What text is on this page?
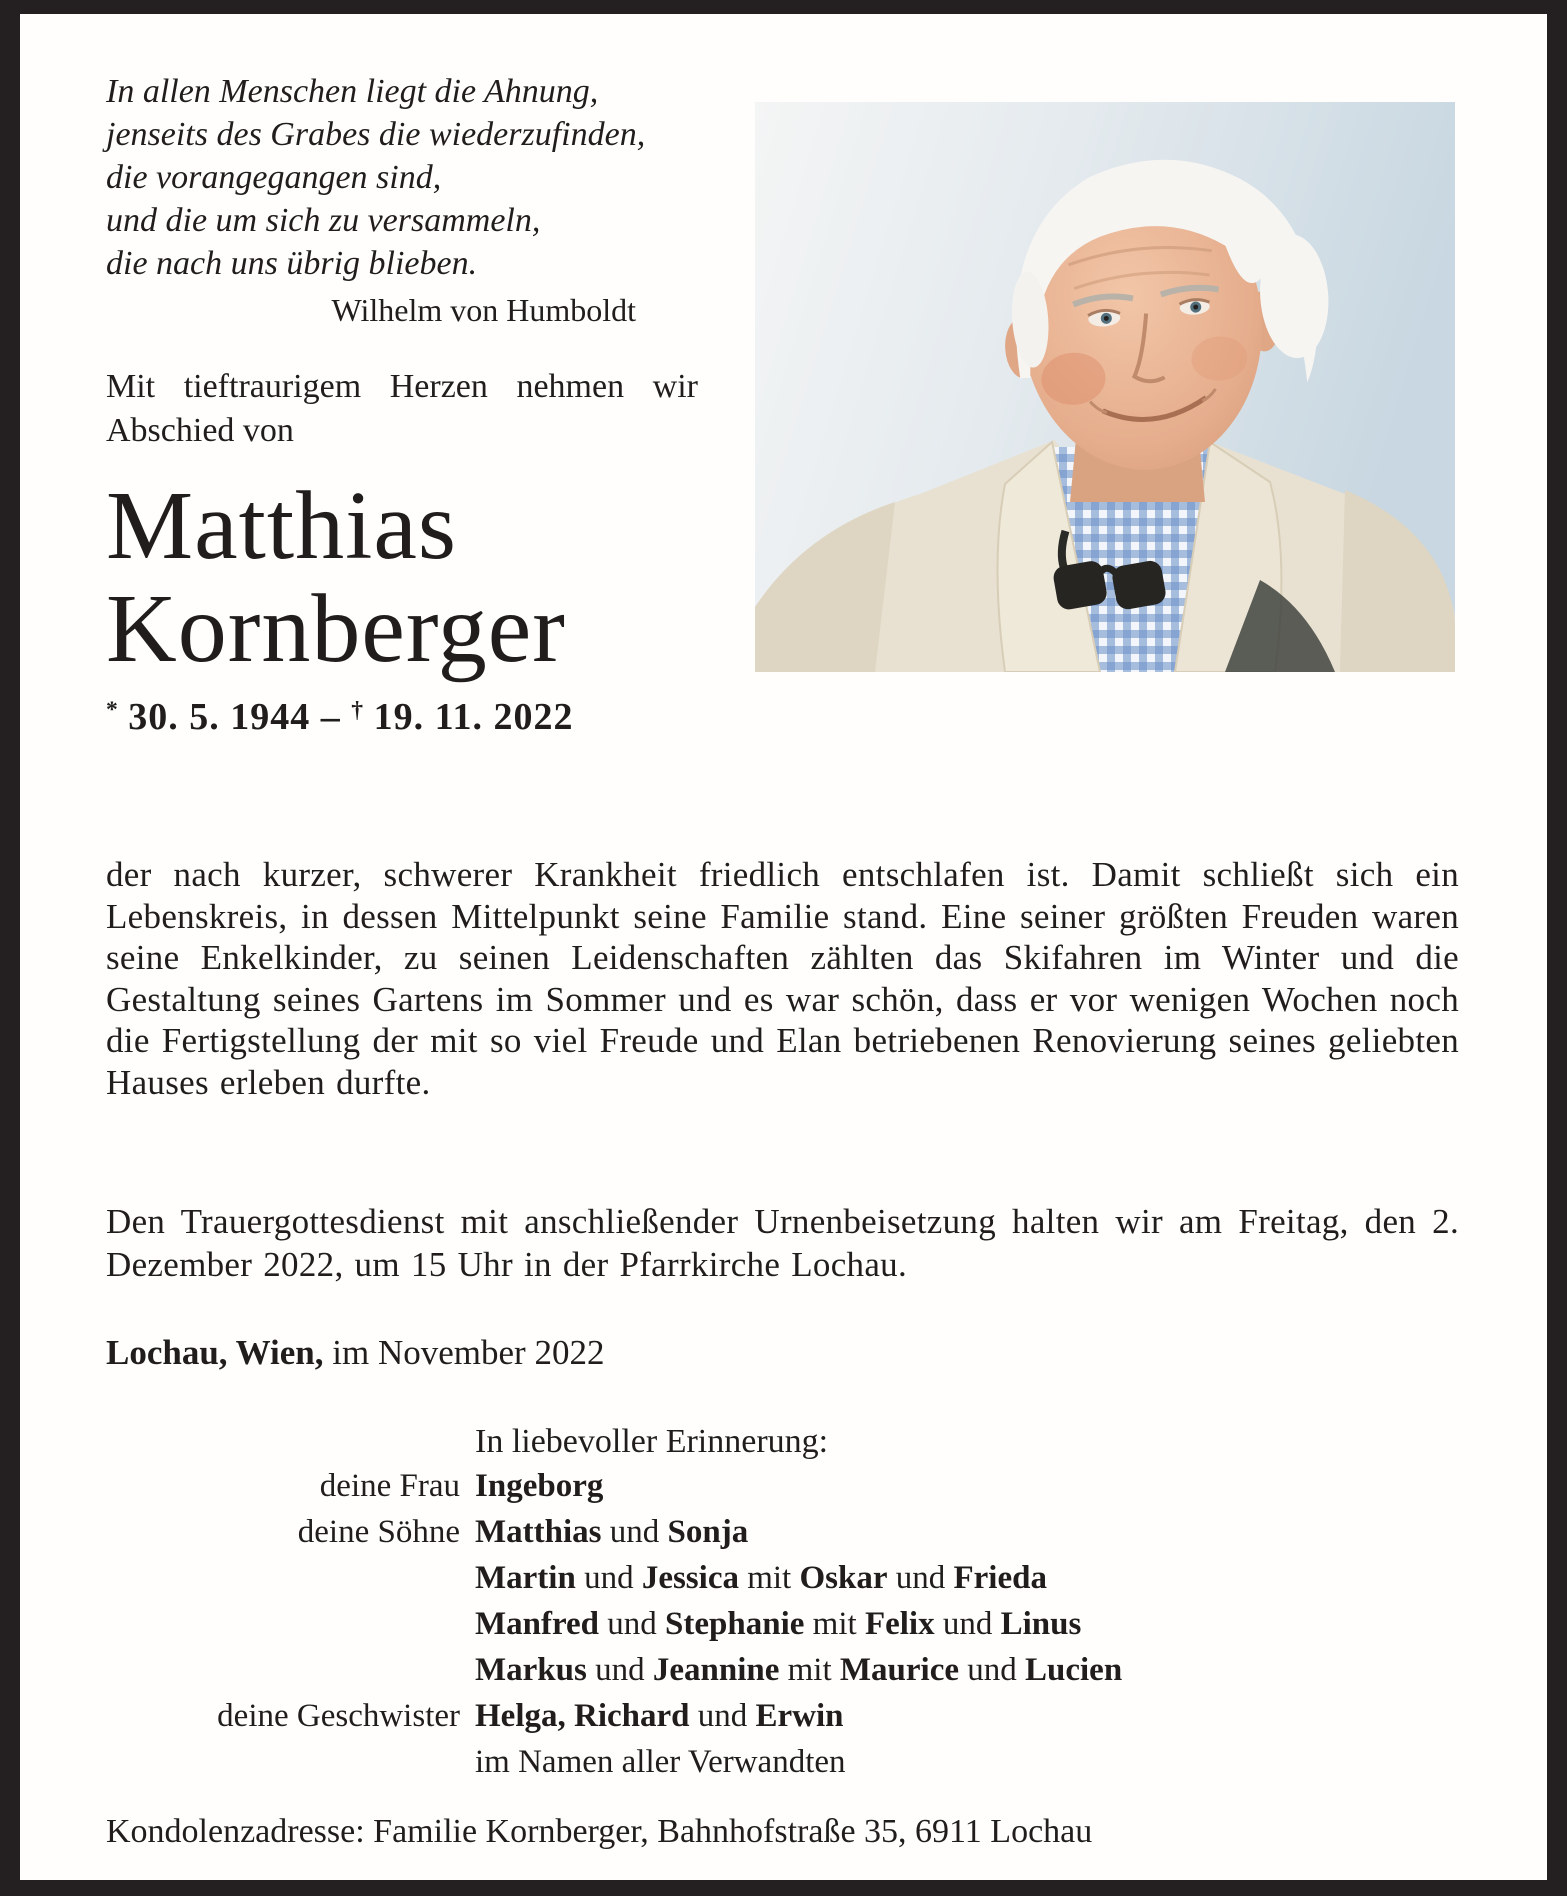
In allen Menschen liegt die Ahnung,
jenseits des Grabes die wiederzufinden,
die vorangegangen sind,
und die um sich zu versammeln,
die nach uns übrig blieben.
Wilhelm von Humboldt
Mit tieftraurigem Herzen nehmen wir
Abschied von
Matthias
Kornberger
* 30. 5. 1944 – † 19. 11. 2022

der nach kurzer, schwerer Krankheit friedlich entschlafen ist. Damit schließt sich ein Lebenskreis, in dessen Mittelpunkt seine Familie stand. Eine seiner größten Freuden waren seine Enkelkinder, zu seinen Leidenschaften zählten das Skifahren im Winter und die Gestaltung seines Gartens im Sommer und es war schön, dass er vor wenigen Wochen noch die Fertigstellung der mit so viel Freude und Elan betriebenen Renovierung seines geliebten Hauses erleben durfte.

Den Trauergottesdienst mit anschließender Urnenbeisetzung halten wir am Freitag, den 2. Dezember 2022, um 15 Uhr in der Pfarrkirche Lochau.

Lochau, Wien, im November 2022
In liebevoller Erinnerung:
deine Frau Ingeborg
deine Söhne Matthias und Sonja
Martin und Jessica mit Oskar und Frieda
Manfred und Stephanie mit Felix und Linus
Markus und Jeannine mit Maurice und Lucien
deine Geschwister Helga, Richard und Erwin
im Namen aller Verwandten
Kondolenzadresse: Familie Kornberger, Bahnhofstraße 35, 6911 Lochau
